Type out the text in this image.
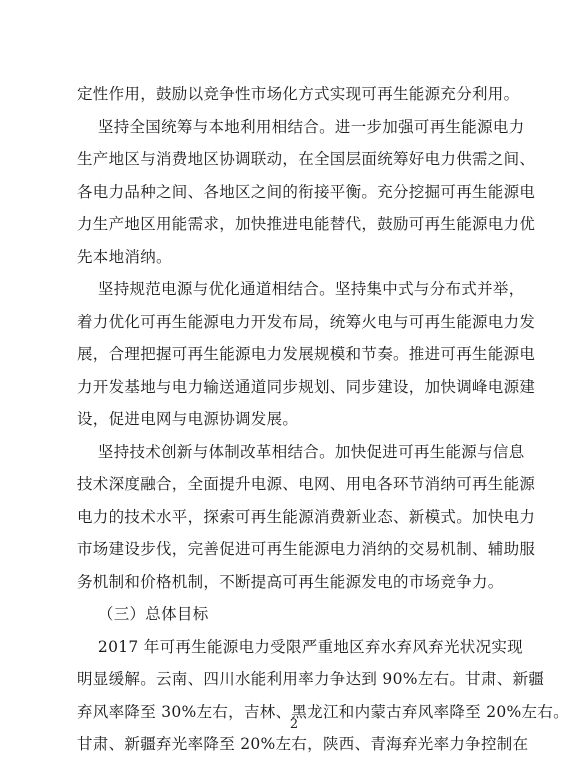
定性作用，鼓励以竞争性市场化方式实现可再生能源充分利用。
坚持全国统筹与本地利用相结合。进一步加强可再生能源电力
生产地区与消费地区协调联动，在全国层面统筹好电力供需之间、
各电力品种之间、各地区之间的衔接平衡。充分挖掘可再生能源电
力生产地区用能需求，加快推进电能替代，鼓励可再生能源电力优
先本地消纳。
坚持规范电源与优化通道相结合。坚持集中式与分布式并举，
着力优化可再生能源电力开发布局，统筹火电与可再生能源电力发
展，合理把握可再生能源电力发展规模和节奏。推进可再生能源电
力开发基地与电力输送通道同步规划、同步建设，加快调峰电源建
设，促进电网与电源协调发展。
坚持技术创新与体制改革相结合。加快促进可再生能源与信息
技术深度融合，全面提升电源、电网、用电各环节消纳可再生能源
电力的技术水平，探索可再生能源消费新业态、新模式。加快电力
市场建设步伐，完善促进可再生能源电力消纳的交易机制、辅助服
务机制和价格机制，不断提高可再生能源发电的市场竞争力。
（三）总体目标
2017 年可再生能源电力受限严重地区弃水弃风弃光状况实现
明显缓解。云南、四川水能利用率力争达到 90%左右。甘肃、新疆
弃风率降至 30%左右，吉林、黑龙江和内蒙古弃风率降至 20%左右。
甘肃、新疆弃光率降至 20%左右，陕西、青海弃光率力争控制在
2
